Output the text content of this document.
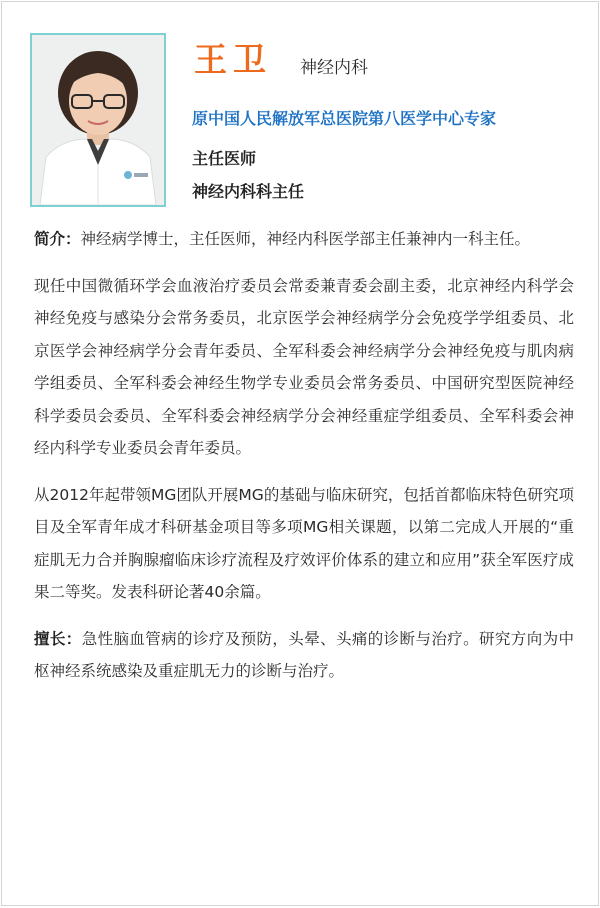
王卫 神经内科
原中国人民解放军总医院第八医学中心专家
主任医师
神经内科科主任

简介：神经病学博士，主任医师，神经内科医学部主任兼神内一科主任。

现任中国微循环学会血液治疗委员会常委兼青委会副主委，北京神经内科学会神经免疫与感染分会常务委员，北京医学会神经病学分会免疫学学组委员、北京医学会神经病学分会青年委员、全军科委会神经病学分会神经免疫与肌肉病学组委员、全军科委会神经生物学专业委员会常务委员、中国研究型医院神经科学委员会委员、全军科委会神经病学分会神经重症学组委员、全军科委会神经内科学专业委员会青年委员。

从2012年起带领MG团队开展MG的基础与临床研究，包括首都临床特色研究项目及全军青年成才科研基金项目等多项MG相关课题，以第二完成人开展的“重症肌无力合并胸腺瘤临床诊疗流程及疗效评价体系的建立和应用”获全军医疗成果二等奖。发表科研论著40余篇。

擅长：急性脑血管病的诊疗及预防，头晕、头痛的诊断与治疗。研究方向为中枢神经系统感染及重症肌无力的诊断与治疗。
